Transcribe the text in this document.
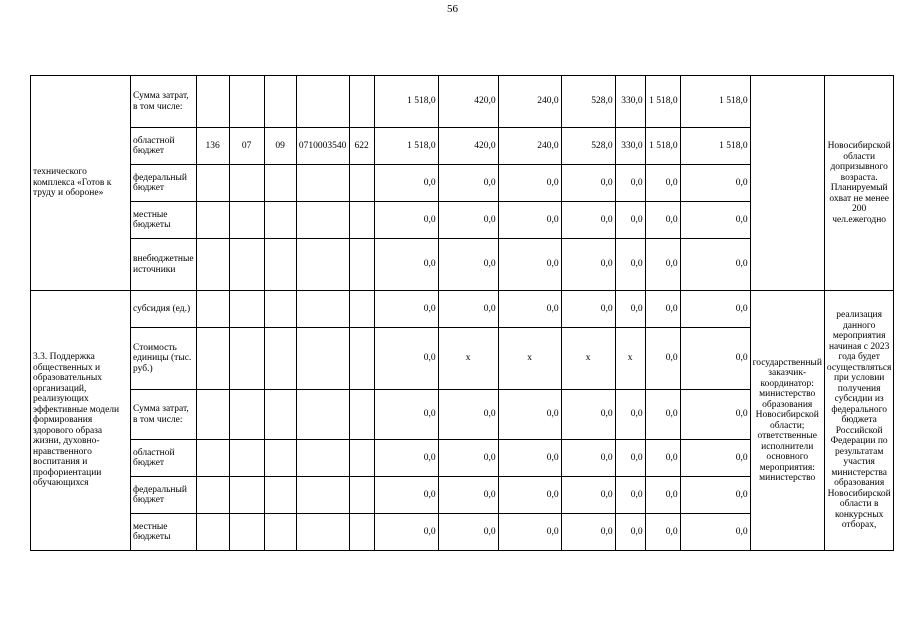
56
технического комплекса «Готов к труду и обороне»	Сумма затрат, в том числе:						1 518,0	420,0	240,0	528,0	330,0	1 518,0	1 518,0		Новосибирской области допризывного возраста. Планируемый охват не менее 200 чел.ежегодно
	областной бюджет	136	07	09	0710003540	622	1 518,0	420,0	240,0	528,0	330,0	1 518,0	1 518,0		
	федеральный бюджет						0,0	0,0	0,0	0,0	0,0	0,0	0,0		
	местные бюджеты						0,0	0,0	0,0	0,0	0,0	0,0	0,0		
	внебюджетные источники						0,0	0,0	0,0	0,0	0,0	0,0	0,0		
3.3. Поддержка общественных и образовательных организаций, реализующих эффективные модели формирования здорового образа жизни, духовно-нравственного воспитания и профориентации обучающихся	субсидия (ед.)						0,0	0,0	0,0	0,0	0,0	0,0	0,0	государственный заказчик-координатор: министерство образования Новосибирской области; ответственные исполнители основного мероприятия: министерство	реализация данного мероприятия начиная с 2023 года будет осуществляться при условии получения субсидии из федерального бюджета Российской Федерации по результатам участия министерства образования Новосибирской области в конкурсных отборах,
	Стоимость единицы (тыс. руб.)						0,0	x	x	x	x	0,0	0,0		
	Сумма затрат, в том числе:						0,0	0,0	0,0	0,0	0,0	0,0	0,0		
	областной бюджет						0,0	0,0	0,0	0,0	0,0	0,0	0,0		
	федеральный бюджет						0,0	0,0	0,0	0,0	0,0	0,0	0,0		
	местные бюджеты						0,0	0,0	0,0	0,0	0,0	0,0	0,0		
